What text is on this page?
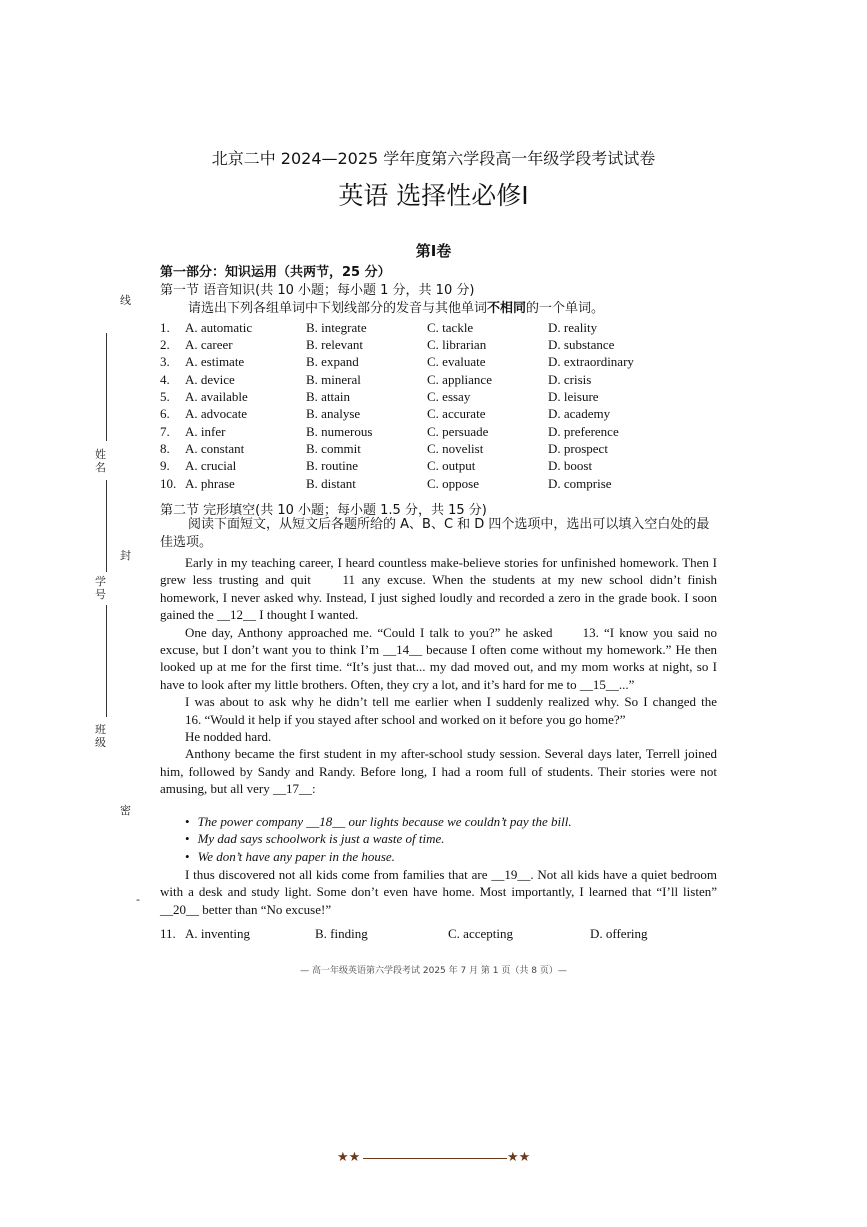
北京二中 2024—2025 学年度第六学段高一年级学段考试试卷
英语 选择性必修Ⅰ
第Ⅰ卷
第一部分：知识运用（共两节，25 分）
第一节 语音知识(共 10 小题；每小题 1 分，共 10 分)
请选出下列各组单词中下划线部分的发音与其他单词不相同的一个单词。
1. A. automatic	B. integrate	C. tackle	D. reality
2. A. career	B. relevant	C. librarian	D. substance
3. A. estimate	B. expand	C. evaluate	D. extraordinary
4. A. device	B. mineral	C. appliance	D. crisis
5. A. available	B. attain	C. essay	D. leisure
6. A. advocate	B. analyse	C. accurate	D. academy
7. A. infer	B. numerous	C. persuade	D. preference
8. A. constant	B. commit	C. novelist	D. prospect
9. A. crucial	B. routine	C. output	D. boost
10. A. phrase	B. distant	C. oppose	D. comprise
第二节 完形填空(共 10 小题；每小题 1.5 分，共 15 分)
阅读下面短文，从短文后各题所给的 A、B、C 和 D 四个选项中，选出可以填入空白处的最佳选项。

Early in my teaching career, I heard countless make-believe stories for unfinished homework. Then I grew less trusting and quit 11 any excuse. When the students at my new school didn’t finish homework, I never asked why. Instead, I just sighed loudly and recorded a zero in the grade book. I soon gained the __12__ I thought I wanted.

One day, Anthony approached me. “Could I talk to you?” he asked 13. “I know you said no excuse, but I don’t want you to think I’m __14__ because I often come without my homework.” He then looked up at me for the first time. “It’s just that... my dad moved out, and my mom works at night, so I have to look after my little brothers. Often, they cry a lot, and it’s hard for me to __15__...”

I was about to ask why he didn’t tell me earlier when I suddenly realized why. So I changed the 16. “Would it help if you stayed after school and worked on it before you go home?”

He nodded hard.

Anthony became the first student in my after-school study session. Several days later, Terrell joined him, followed by Sandy and Randy. Before long, I had a room full of students. Their stories were not amusing, but all very __17__:

• The power company __18__ our lights because we couldn’t pay the bill.
• My dad says schoolwork is just a waste of time.
• We don’t have any paper in the house.

I thus discovered not all kids come from families that are __19__. Not all kids have a quiet bedroom with a desk and study light. Some don’t even have home. Most importantly, I learned that “I’ll listen” __20__ better than “No excuse!”

11. A. inventing	B. finding	C. accepting	D. offering
— 高一年级英语第六学段考试 2025 年 7 月 第 1 页（共 8 页）—
线
姓名
封
学号
班级
密
-
★★	★★
